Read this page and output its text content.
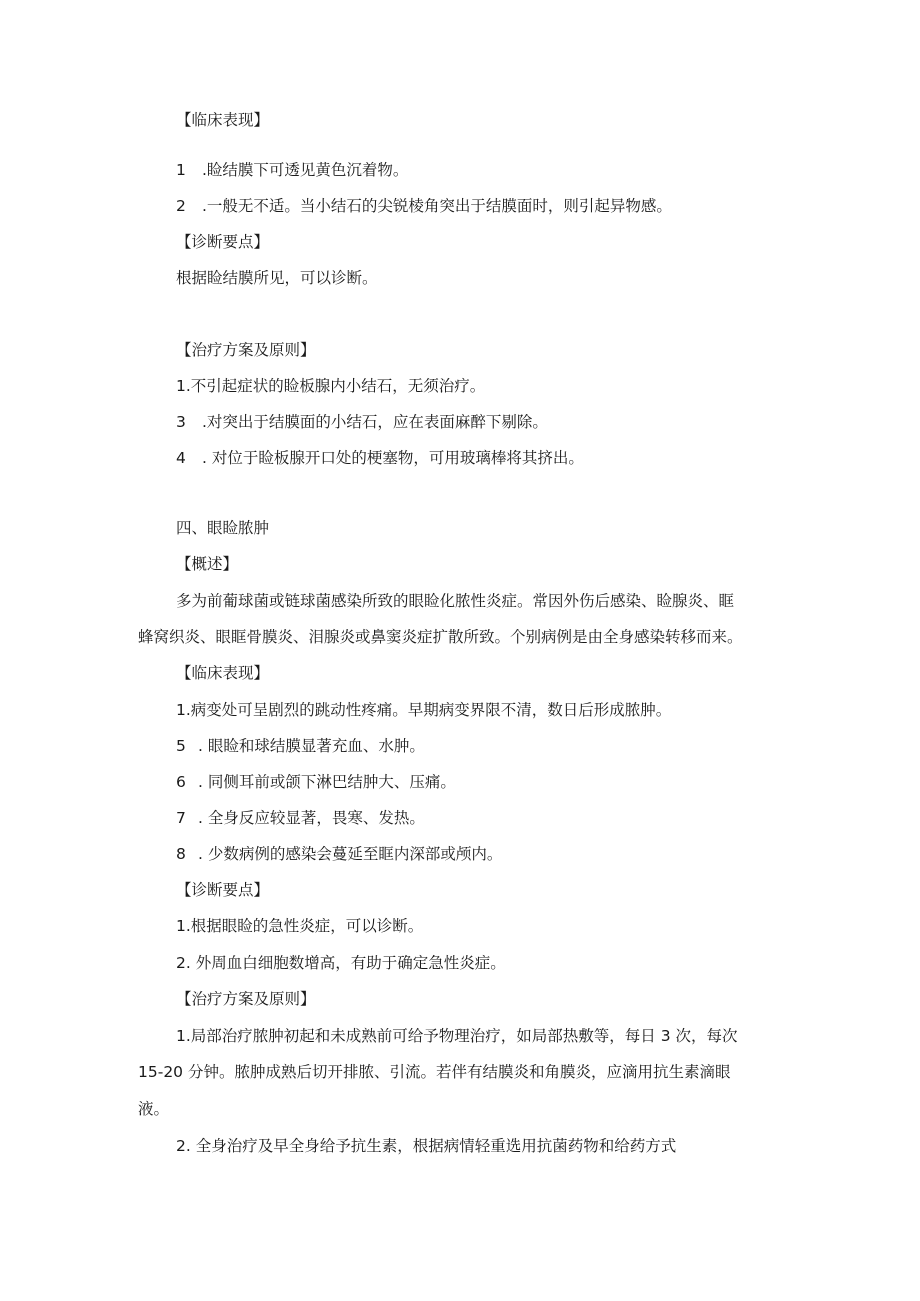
【临床表现】
1 .睑结膜下可透见黄色沉着物。
2 .一般无不适。当小结石的尖锐棱角突出于结膜面时，则引起异物感。
【诊断要点】
根据睑结膜所见，可以诊断。
【治疗方案及原则】
1.不引起症状的睑板腺内小结石，无须治疗。
3 .对突出于结膜面的小结石，应在表面麻醉下剔除。
4 . 对位于睑板腺开口处的梗塞物，可用玻璃棒将其挤出。
四、眼睑脓肿
【概述】
多为前葡球菌或链球菌感染所致的眼睑化脓性炎症。常因外伤后感染、睑腺炎、眶
蜂窝织炎、眼眶骨膜炎、泪腺炎或鼻窦炎症扩散所致。个别病例是由全身感染转移而来。
【临床表现】
1.病变处可呈剧烈的跳动性疼痛。早期病变界限不清，数日后形成脓肿。
5 . 眼睑和球结膜显著充血、水肿。
6 . 同侧耳前或颌下淋巴结肿大、压痛。
7 . 全身反应较显著，畏寒、发热。
8 . 少数病例的感染会蔓延至眶内深部或颅内。
【诊断要点】
1.根据眼睑的急性炎症，可以诊断。
2. 外周血白细胞数增高，有助于确定急性炎症。
【治疗方案及原则】
1.局部治疗脓肿初起和未成熟前可给予物理治疗，如局部热敷等，每日 3 次，每次
15-20 分钟。脓肿成熟后切开排脓、引流。若伴有结膜炎和角膜炎，应滴用抗生素滴眼
液。
2. 全身治疗及早全身给予抗生素，根据病情轻重选用抗菌药物和给药方式
